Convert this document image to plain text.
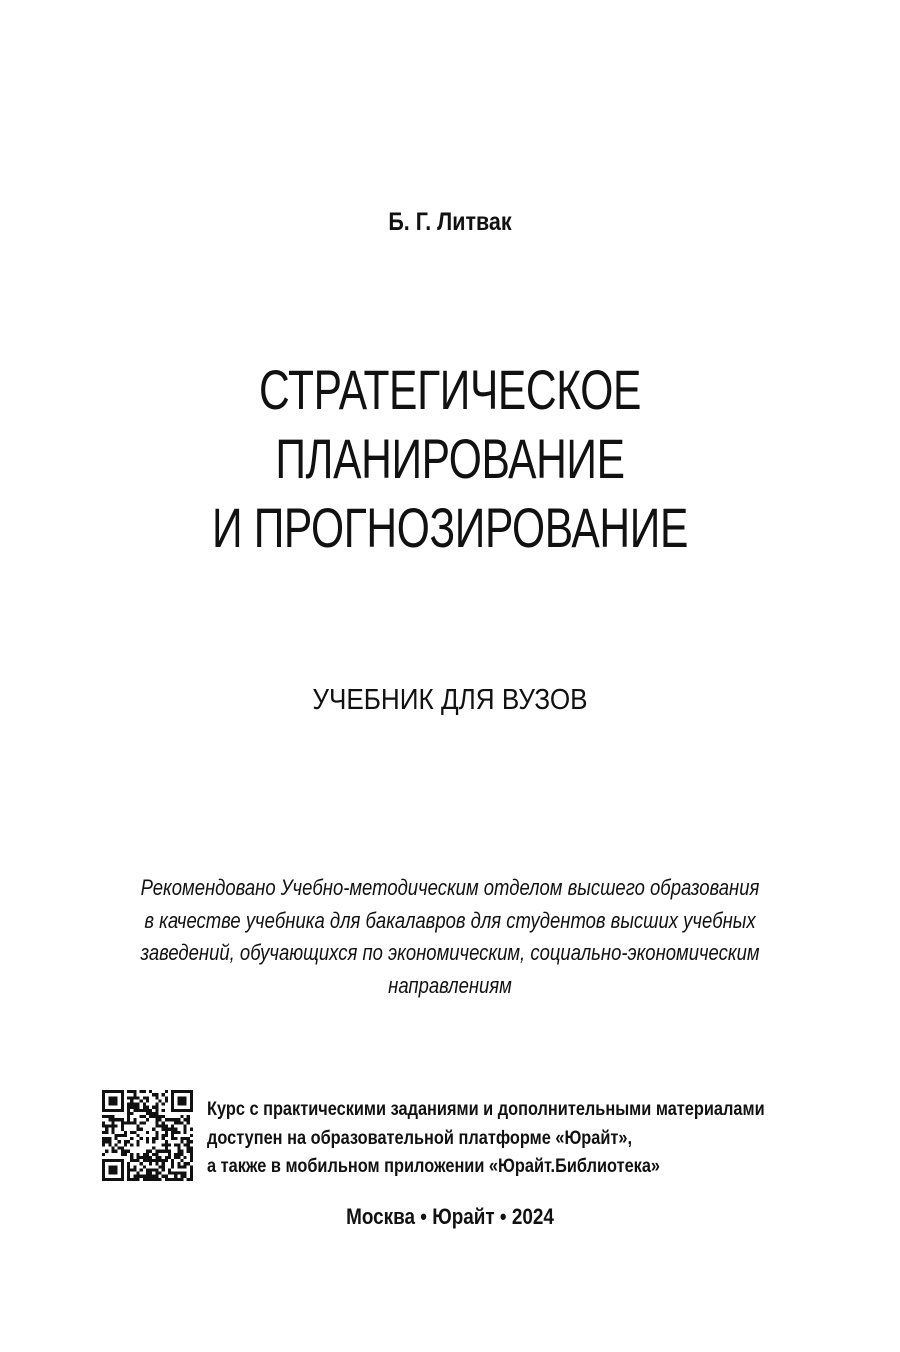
Б. Г. Литвак
СТРАТЕГИЧЕСКОЕ
ПЛАНИРОВАНИЕ
И ПРОГНОЗИРОВАНИЕ
УЧЕБНИК ДЛЯ ВУЗОВ
Рекомендовано Учебно-методическим отделом высшего образования
в качестве учебника для бакалавров для студентов высших учебных
заведений, обучающихся по экономическим, социально-экономическим
направлениям
Курс с практическими заданиями и дополнительными материалами
доступен на образовательной платформе «Юрайт»,
а также в мобильном приложении «Юрайт.Библиотека»
Москва • Юрайт • 2024
